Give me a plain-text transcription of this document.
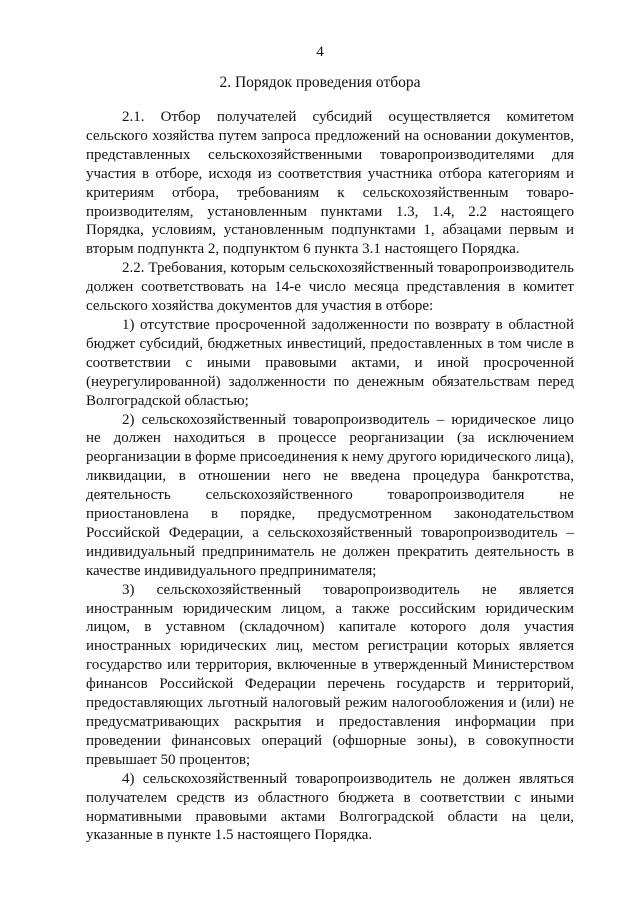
4
2. Порядок проведения отбора

2.1. Отбор получателей субсидий осуществляется комитетом сельского хозяйства путем запроса предложений на основании документов, представленных сельскохозяйственными товаропроизводителями для участия в отборе, исходя из соответствия участника отбора категориям и критериям отбора, требованиям к сельскохозяйственным товаро-производителям, установленным пунктами 1.3, 1.4, 2.2 настоящего Порядка, условиям, установленным подпунктами 1, абзацами первым и вторым подпункта 2, подпунктом 6 пункта 3.1 настоящего Порядка.

2.2. Требования, которым сельскохозяйственный товаропроизводитель должен соответствовать на 14-е число месяца представления в комитет сельского хозяйства документов для участия в отборе:

1) отсутствие просроченной задолженности по возврату в областной бюджет субсидий, бюджетных инвестиций, предоставленных в том числе в соответствии с иными правовыми актами, и иной просроченной (неурегулированной) задолженности по денежным обязательствам перед Волгоградской областью;

2) сельскохозяйственный товаропроизводитель – юридическое лицо не должен находиться в процессе реорганизации (за исключением реорганизации в форме присоединения к нему другого юридического лица), ликвидации, в отношении него не введена процедура банкротства, деятельность сельскохозяйственного товаропроизводителя не приостановлена в порядке, предусмотренном законодательством Российской Федерации, а сельскохозяйственный товаропроизводитель – индивидуальный предприниматель не должен прекратить деятельность в качестве индивидуального предпринимателя;

3) сельскохозяйственный товаропроизводитель не является иностранным юридическим лицом, а также российским юридическим лицом, в уставном (складочном) капитале которого доля участия иностранных юридических лиц, местом регистрации которых является государство или территория, включенные в утвержденный Министерством финансов Российской Федерации перечень государств и территорий, предоставляющих льготный налоговый режим налогообложения и (или) не предусматривающих раскрытия и предоставления информации при проведении финансовых операций (офшорные зоны), в совокупности превышает 50 процентов;

4) сельскохозяйственный товаропроизводитель не должен являться получателем средств из областного бюджета в соответствии с иными нормативными правовыми актами Волгоградской области на цели, указанные в пункте 1.5 настоящего Порядка.
